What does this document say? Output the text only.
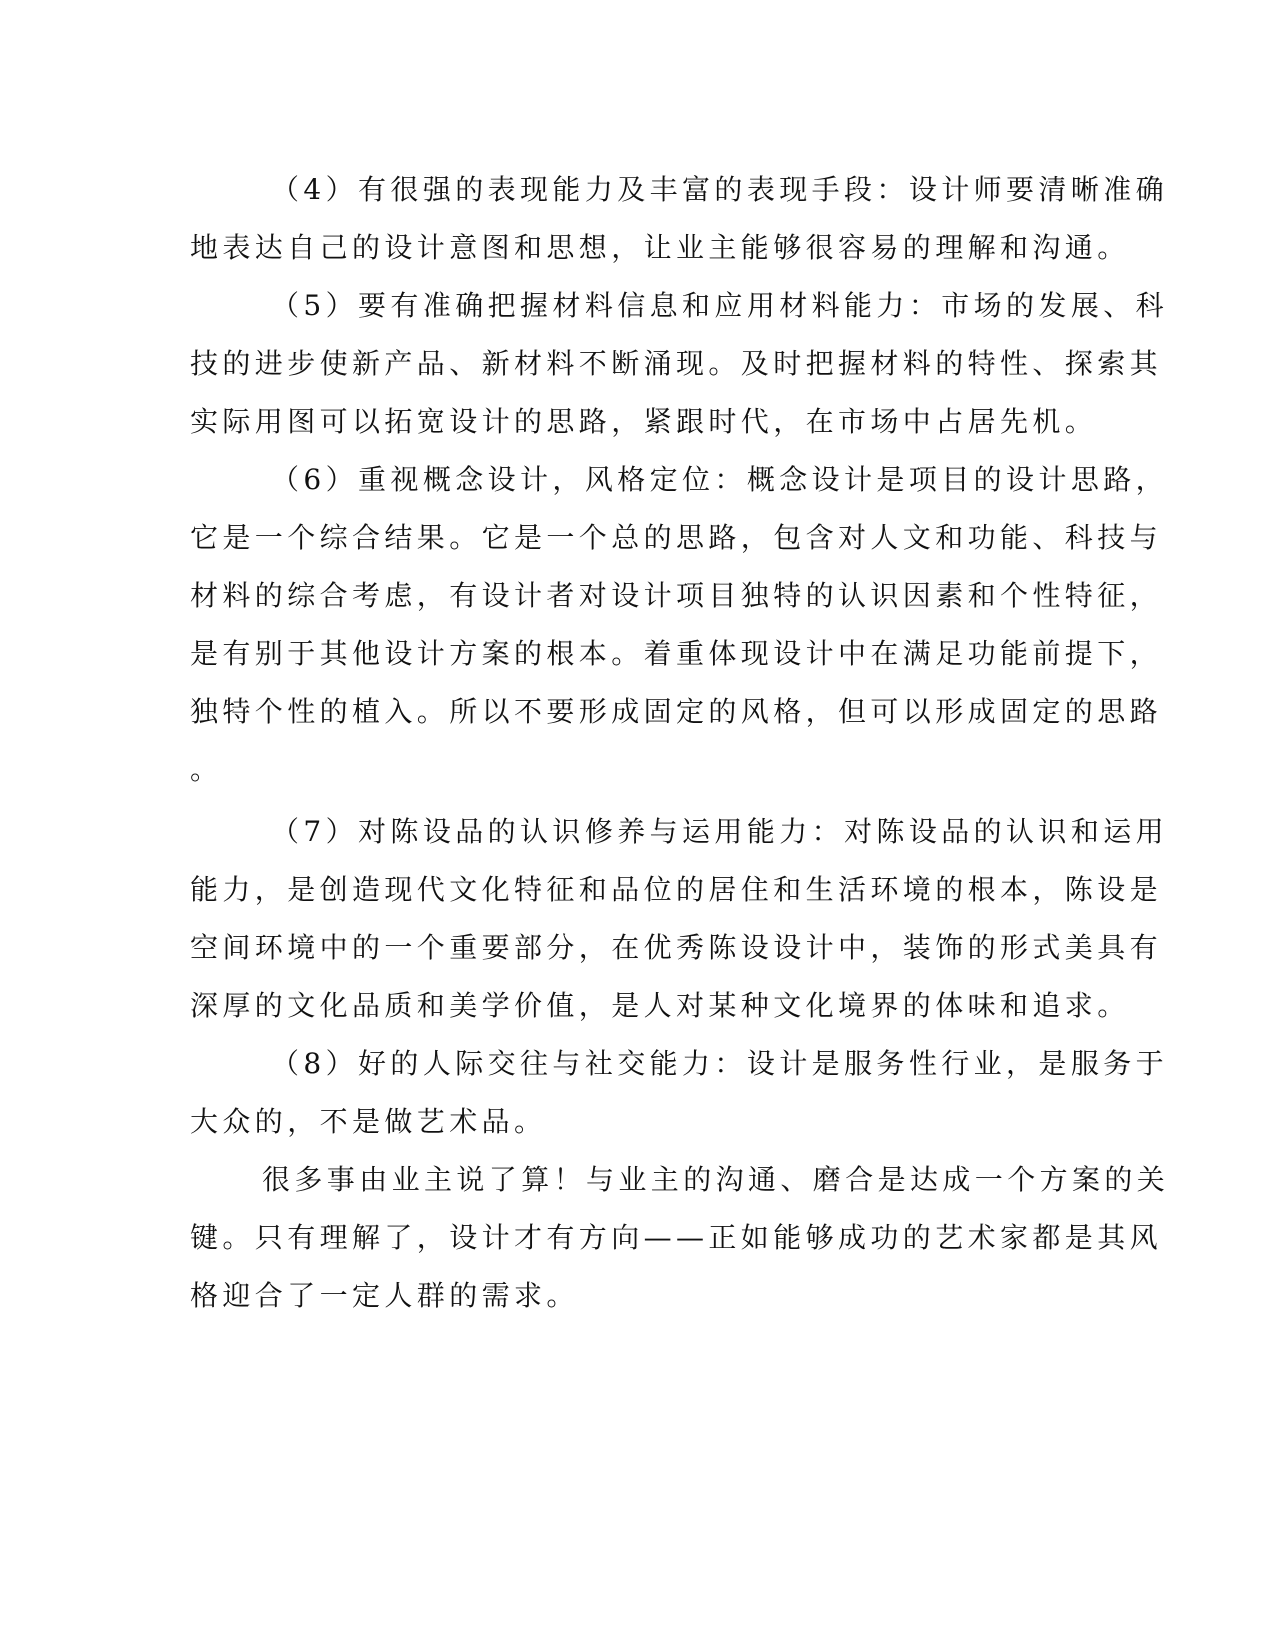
（4）有很强的表现能力及丰富的表现手段：设计师要清晰准确
地表达自己的设计意图和思想，让业主能够很容易的理解和沟通。
（5）要有准确把握材料信息和应用材料能力：市场的发展、科
技的进步使新产品、新材料不断涌现。及时把握材料的特性、探索其
实际用图可以拓宽设计的思路，紧跟时代，在市场中占居先机。
（6）重视概念设计，风格定位：概念设计是项目的设计思路，
它是一个综合结果。它是一个总的思路，包含对人文和功能、科技与
材料的综合考虑，有设计者对设计项目独特的认识因素和个性特征，
是有别于其他设计方案的根本。着重体现设计中在满足功能前提下，
独特个性的植入。所以不要形成固定的风格，但可以形成固定的思路
。
（7）对陈设品的认识修养与运用能力：对陈设品的认识和运用
能力，是创造现代文化特征和品位的居住和生活环境的根本，陈设是
空间环境中的一个重要部分，在优秀陈设设计中，装饰的形式美具有
深厚的文化品质和美学价值，是人对某种文化境界的体味和追求。
（8）好的人际交往与社交能力：设计是服务性行业，是服务于
大众的，不是做艺术品。
很多事由业主说了算！与业主的沟通、磨合是达成一个方案的关
键。只有理解了，设计才有方向——正如能够成功的艺术家都是其风
格迎合了一定人群的需求。
